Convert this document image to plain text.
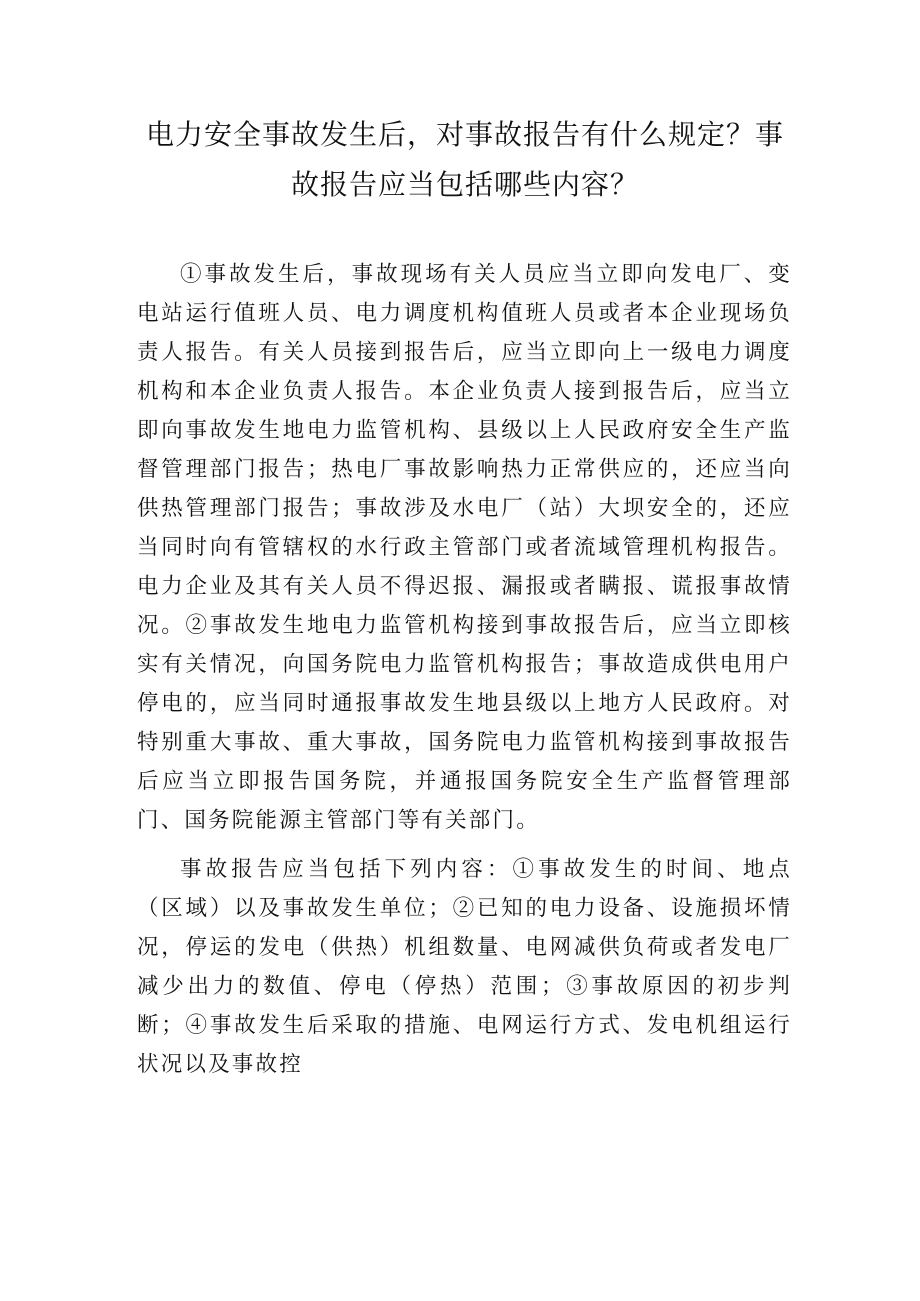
电力安全事故发生后，对事故报告有什么规定？事故报告应当包括哪些内容？

①事故发生后，事故现场有关人员应当立即向发电厂、变电站运行值班人员、电力调度机构值班人员或者本企业现场负责人报告。有关人员接到报告后，应当立即向上一级电力调度机构和本企业负责人报告。本企业负责人接到报告后，应当立即向事故发生地电力监管机构、县级以上人民政府安全生产监督管理部门报告；热电厂事故影响热力正常供应的，还应当向供热管理部门报告；事故涉及水电厂（站）大坝安全的，还应当同时向有管辖权的水行政主管部门或者流域管理机构报告。电力企业及其有关人员不得迟报、漏报或者瞒报、谎报事故情况。②事故发生地电力监管机构接到事故报告后，应当立即核实有关情况，向国务院电力监管机构报告；事故造成供电用户停电的，应当同时通报事故发生地县级以上地方人民政府。对特别重大事故、重大事故，国务院电力监管机构接到事故报告后应当立即报告国务院，并通报国务院安全生产监督管理部门、国务院能源主管部门等有关部门。

事故报告应当包括下列内容：①事故发生的时间、地点（区域）以及事故发生单位；②已知的电力设备、设施损坏情况，停运的发电（供热）机组数量、电网减供负荷或者发电厂减少出力的数值、停电（停热）范围；③事故原因的初步判断；④事故发生后采取的措施、电网运行方式、发电机组运行状况以及事故控
